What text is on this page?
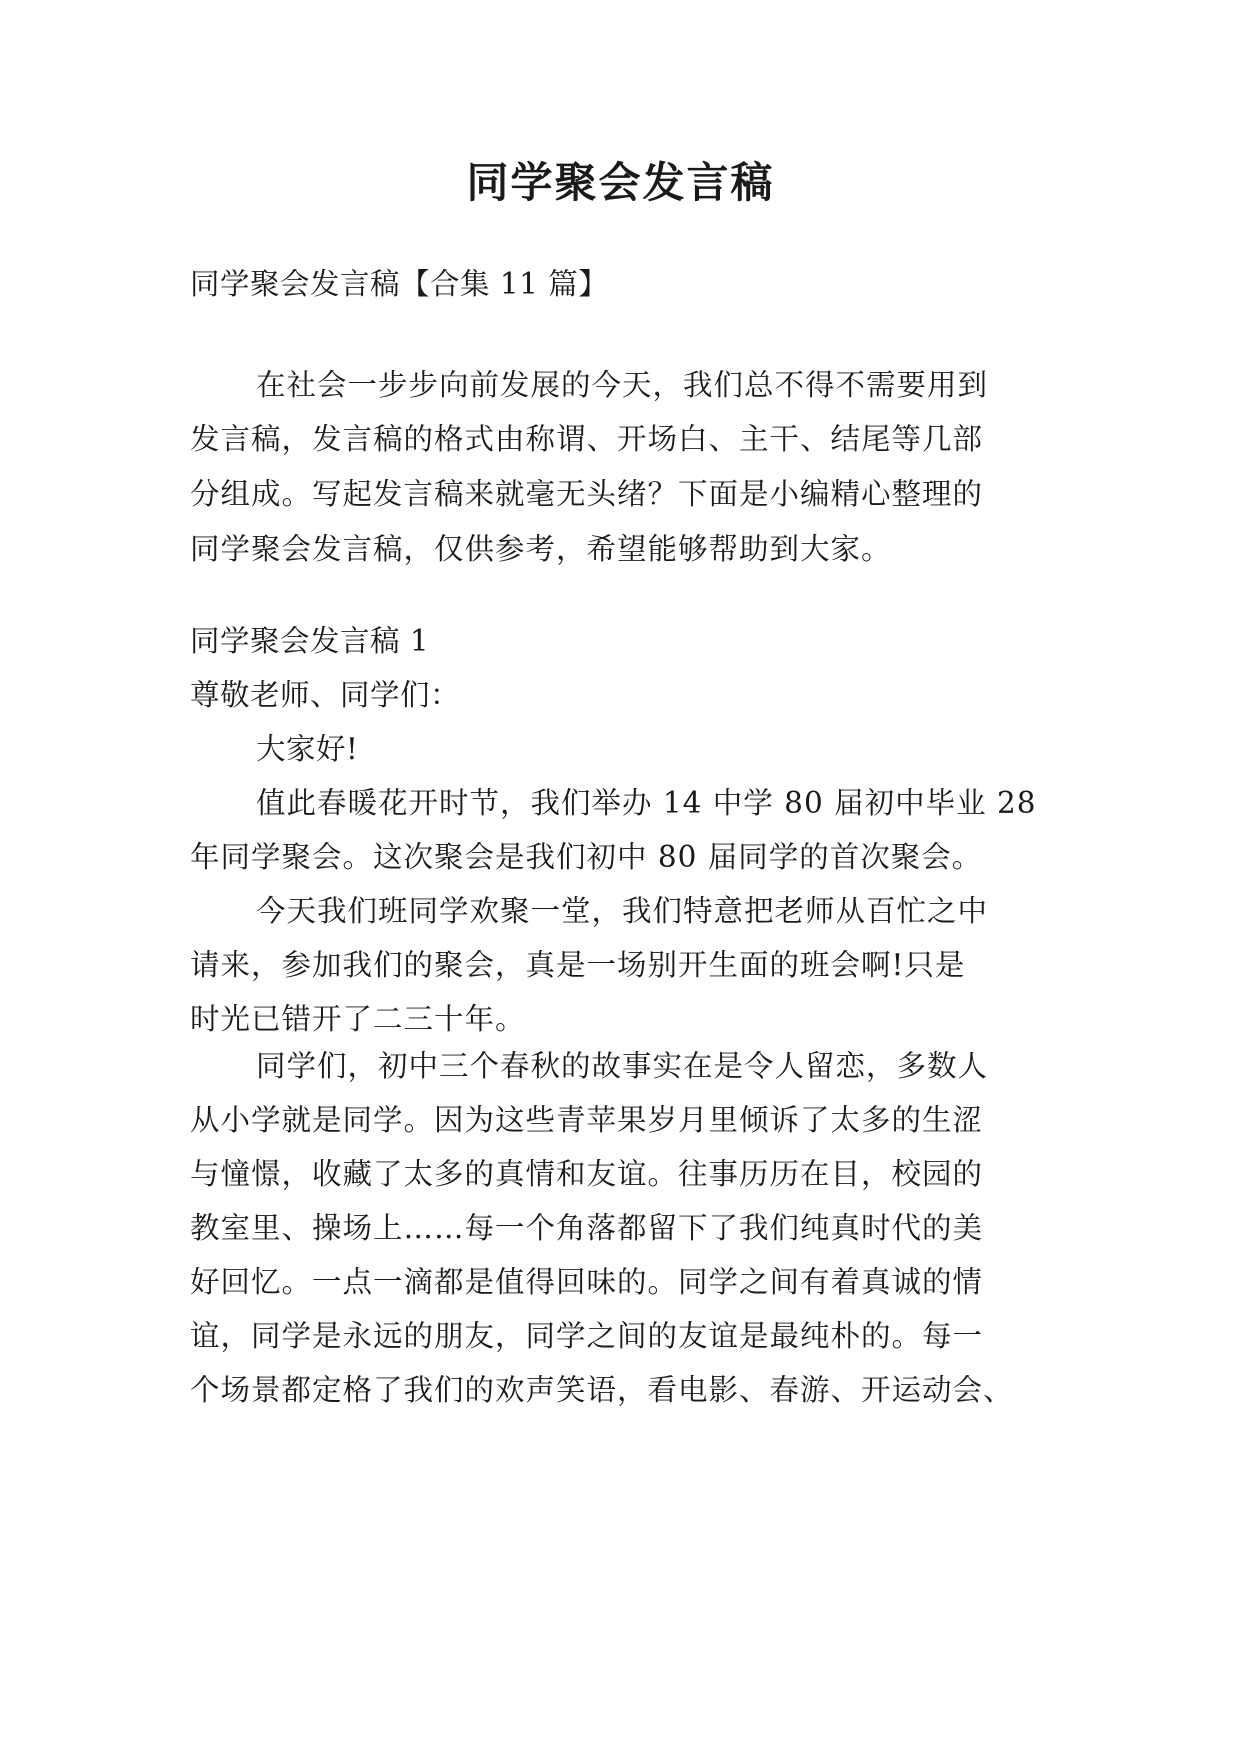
同学聚会发言稿

同学聚会发言稿【合集 11 篇】

在社会一步步向前发展的今天，我们总不得不需要用到
发言稿，发言稿的格式由称谓、开场白、主干、结尾等几部
分组成。写起发言稿来就毫无头绪？下面是小编精心整理的
同学聚会发言稿，仅供参考，希望能够帮助到大家。

同学聚会发言稿 1

尊敬老师、同学们：

大家好!

值此春暖花开时节，我们举办 14 中学 80 届初中毕业 28
年同学聚会。这次聚会是我们初中 80 届同学的首次聚会。
今天我们班同学欢聚一堂，我们特意把老师从百忙之中
请来，参加我们的聚会，真是一场别开生面的班会啊!只是
时光已错开了二三十年。
同学们，初中三个春秋的故事实在是令人留恋，多数人
从小学就是同学。因为这些青苹果岁月里倾诉了太多的生涩
与憧憬，收藏了太多的真情和友谊。往事历历在目，校园的
教室里、操场上……每一个角落都留下了我们纯真时代的美
好回忆。一点一滴都是值得回味的。同学之间有着真诚的情
谊，同学是永远的朋友，同学之间的友谊是最纯朴的。每一
个场景都定格了我们的欢声笑语，看电影、春游、开运动会、
